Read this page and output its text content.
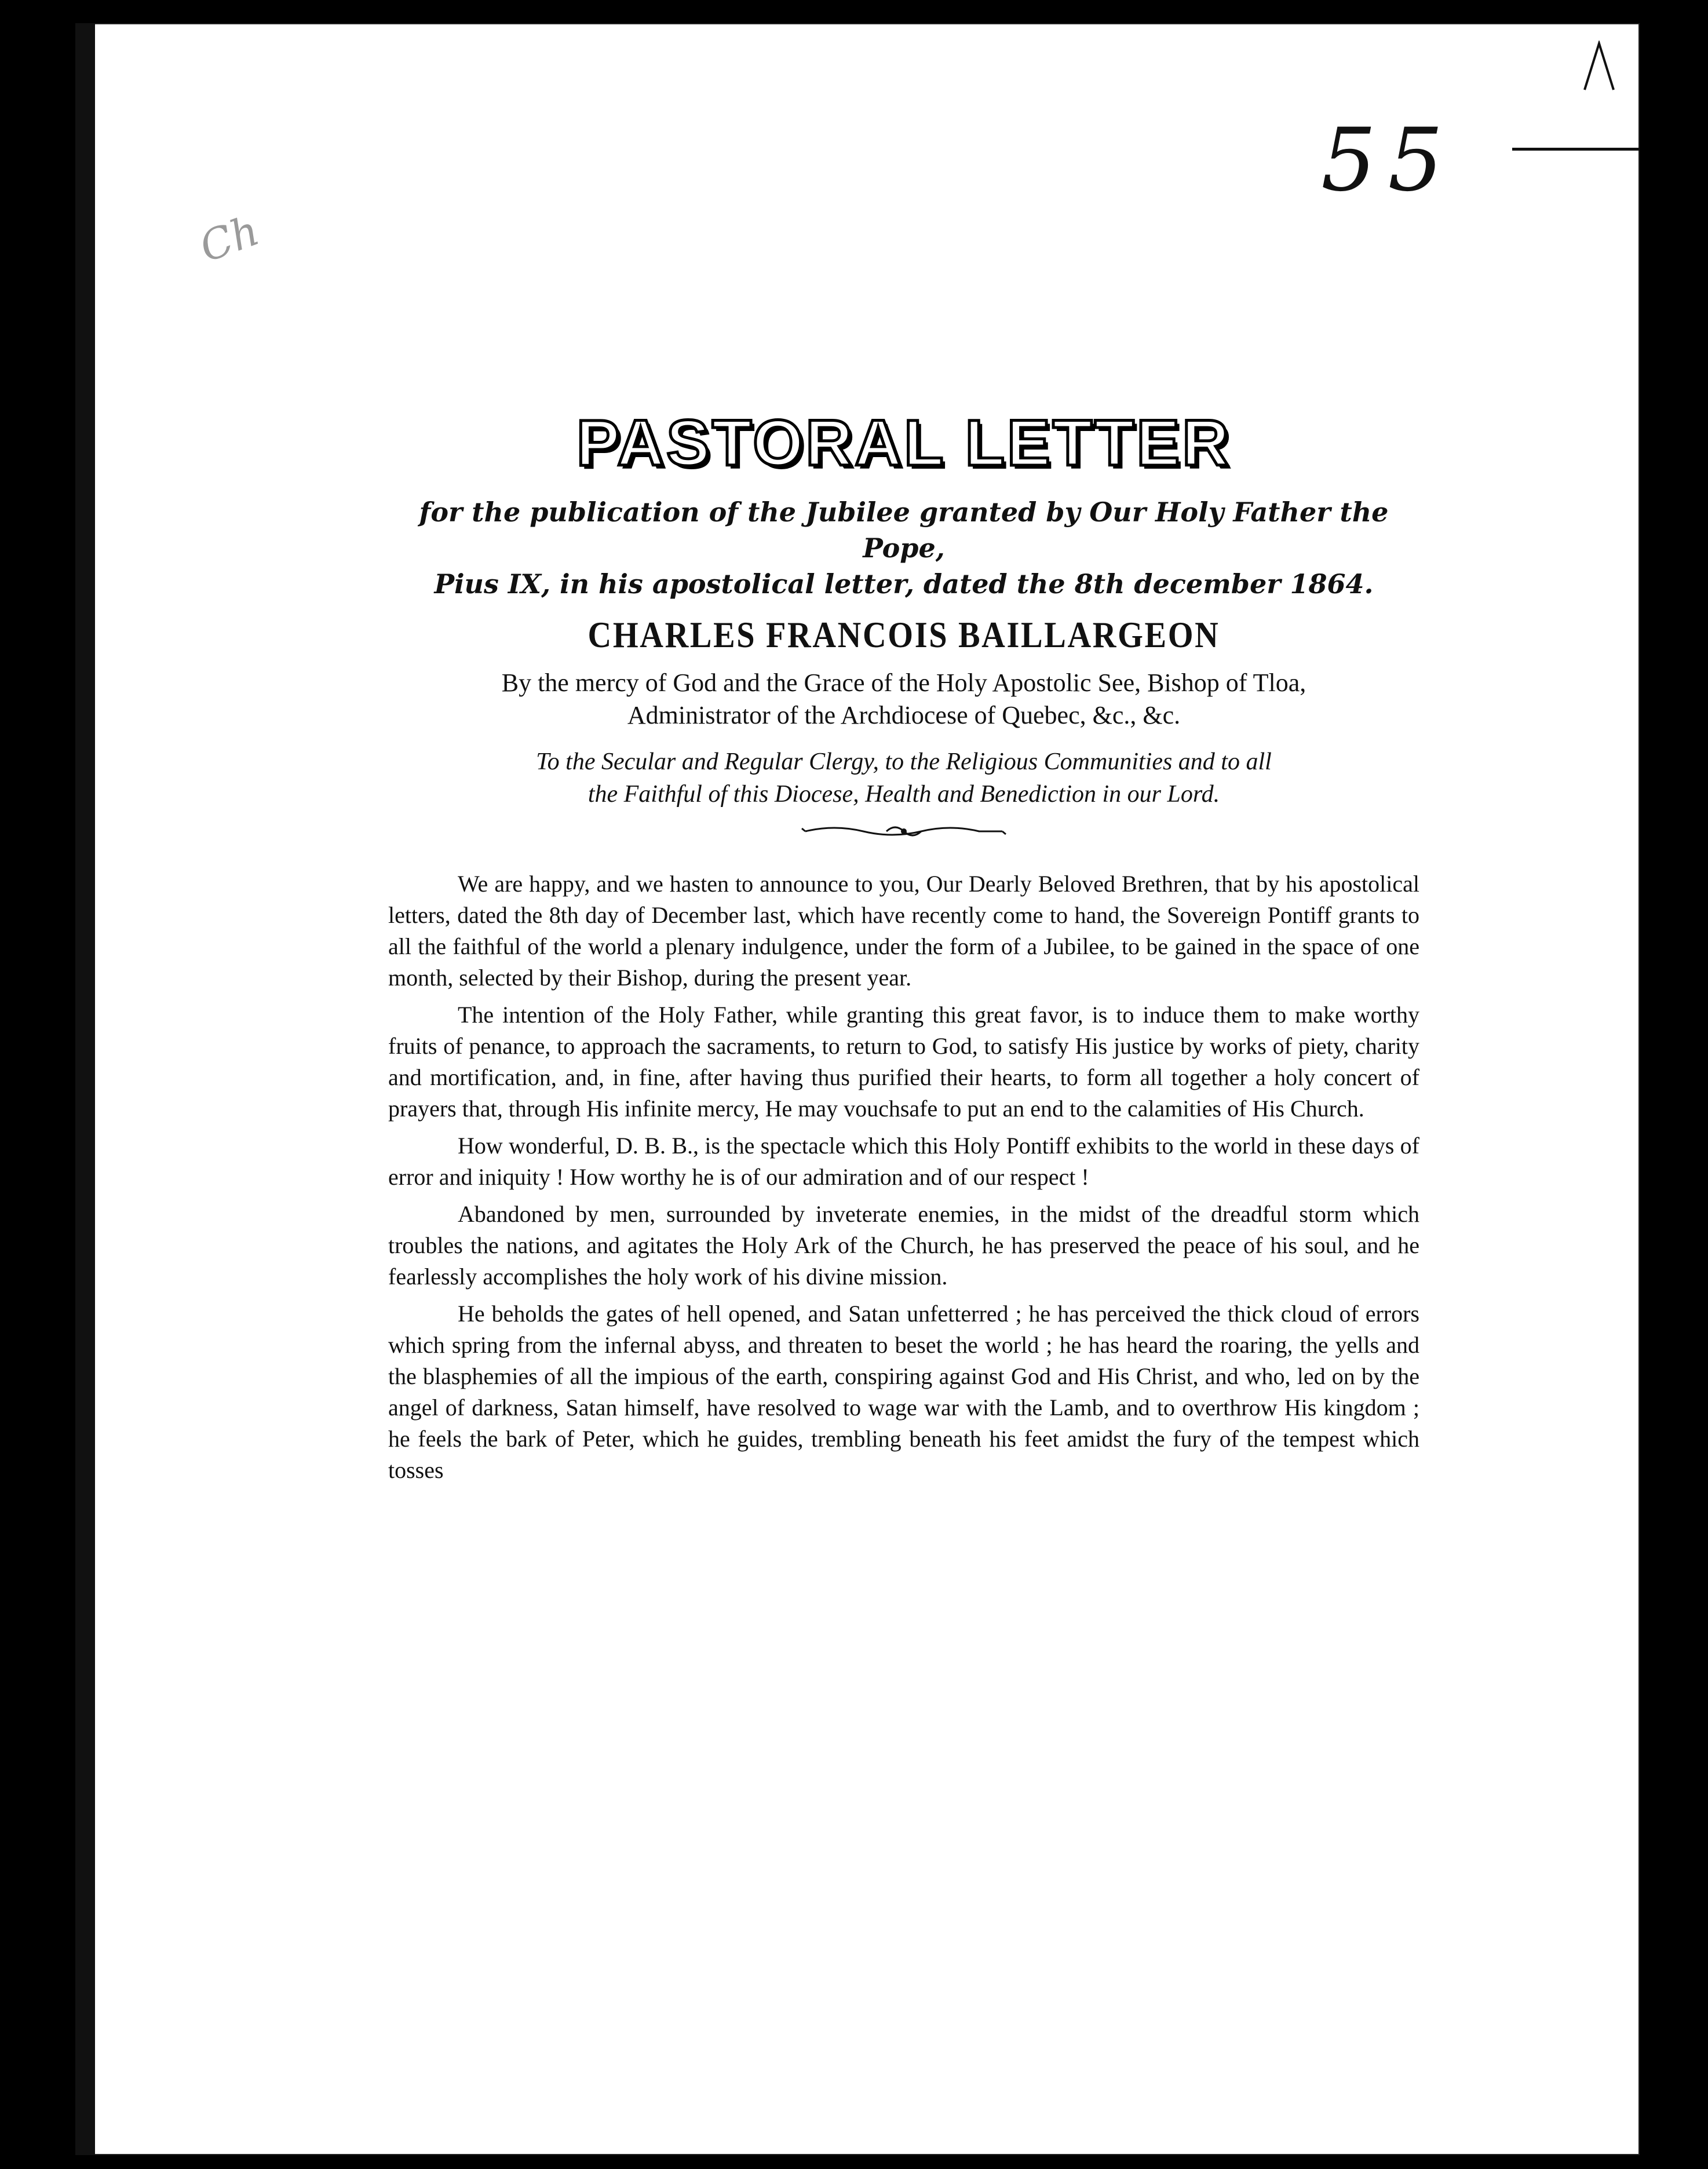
55
Ch
PASTORAL LETTER
for the publication of the Jubilee granted by Our Holy Father the Pope,
Pius IX, in his apostolical letter, dated the 8th december 1864.
CHARLES FRANCOIS BAILLARGEON
By the mercy of God and the Grace of the Holy Apostolic See, Bishop of Tloa,
Administrator of the Archdiocese of Quebec, &c., &c.
To the Secular and Regular Clergy, to the Religious Communities and to all
the Faithful of this Diocese, Health and Benediction in our Lord.

We are happy, and we hasten to announce to you, Our Dearly Beloved Brethren, that by his apostolical letters, dated the 8th day of December last, which have recently come to hand, the Sovereign Pontiff grants to all the faithful of the world a plenary indulgence, under the form of a Jubilee, to be gained in the space of one month, selected by their Bishop, during the present year.

The intention of the Holy Father, while granting this great favor, is to induce them to make worthy fruits of penance, to approach the sacraments, to return to God, to satisfy His justice by works of piety, charity and mortification, and, in fine, after having thus purified their hearts, to form all together a holy concert of prayers that, through His infinite mercy, He may vouchsafe to put an end to the calamities of His Church.

How wonderful, D. B. B., is the spectacle which this Holy Pontiff exhibits to the world in these days of error and iniquity ! How worthy he is of our admiration and of our respect !

Abandoned by men, surrounded by inveterate enemies, in the midst of the dreadful storm which troubles the nations, and agitates the Holy Ark of the Church, he has preserved the peace of his soul, and he fearlessly accomplishes the holy work of his divine mission.

He beholds the gates of hell opened, and Satan unfetterred ; he has perceived the thick cloud of errors which spring from the infernal abyss, and threaten to beset the world ; he has heard the roaring, the yells and the blasphemies of all the impious of the earth, conspiring against God and His Christ, and who, led on by the angel of darkness, Satan himself, have resolved to wage war with the Lamb, and to overthrow His kingdom ; he feels the bark of Peter, which he guides, trembling beneath his feet amidst the fury of the tempest which tosses
